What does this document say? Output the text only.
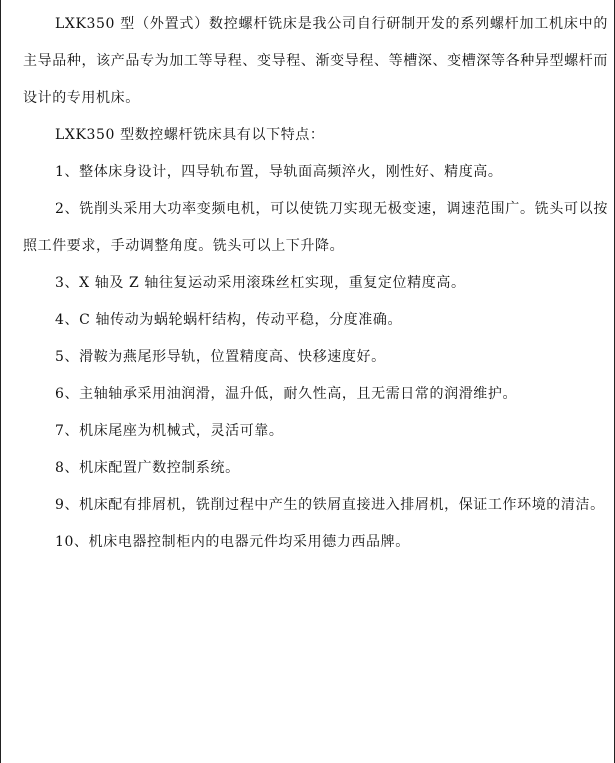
LXK350 型（外置式）数控螺杆铣床是我公司自行研制开发的系列螺杆加工机床中的主导品种，该产品专为加工等导程、变导程、渐变导程、等槽深、变槽深等各种异型螺杆而设计的专用机床。

LXK350 型数控螺杆铣床具有以下特点：

1、整体床身设计，四导轨布置，导轨面高频淬火，刚性好、精度高。

2、铣削头采用大功率变频电机，可以使铣刀实现无极变速，调速范围广。铣头可以按照工件要求，手动调整角度。铣头可以上下升降。

3、X 轴及 Z 轴往复运动采用滚珠丝杠实现，重复定位精度高。

4、C 轴传动为蜗轮蜗杆结构，传动平稳，分度准确。

5、滑鞍为燕尾形导轨，位置精度高、快移速度好。

6、主轴轴承采用油润滑，温升低，耐久性高，且无需日常的润滑维护。

7、机床尾座为机械式，灵活可靠。

8、机床配置广数控制系统。

9、机床配有排屑机，铣削过程中产生的铁屑直接进入排屑机，保证工作环境的清洁。

10、机床电器控制柜内的电器元件均采用德力西品牌。
